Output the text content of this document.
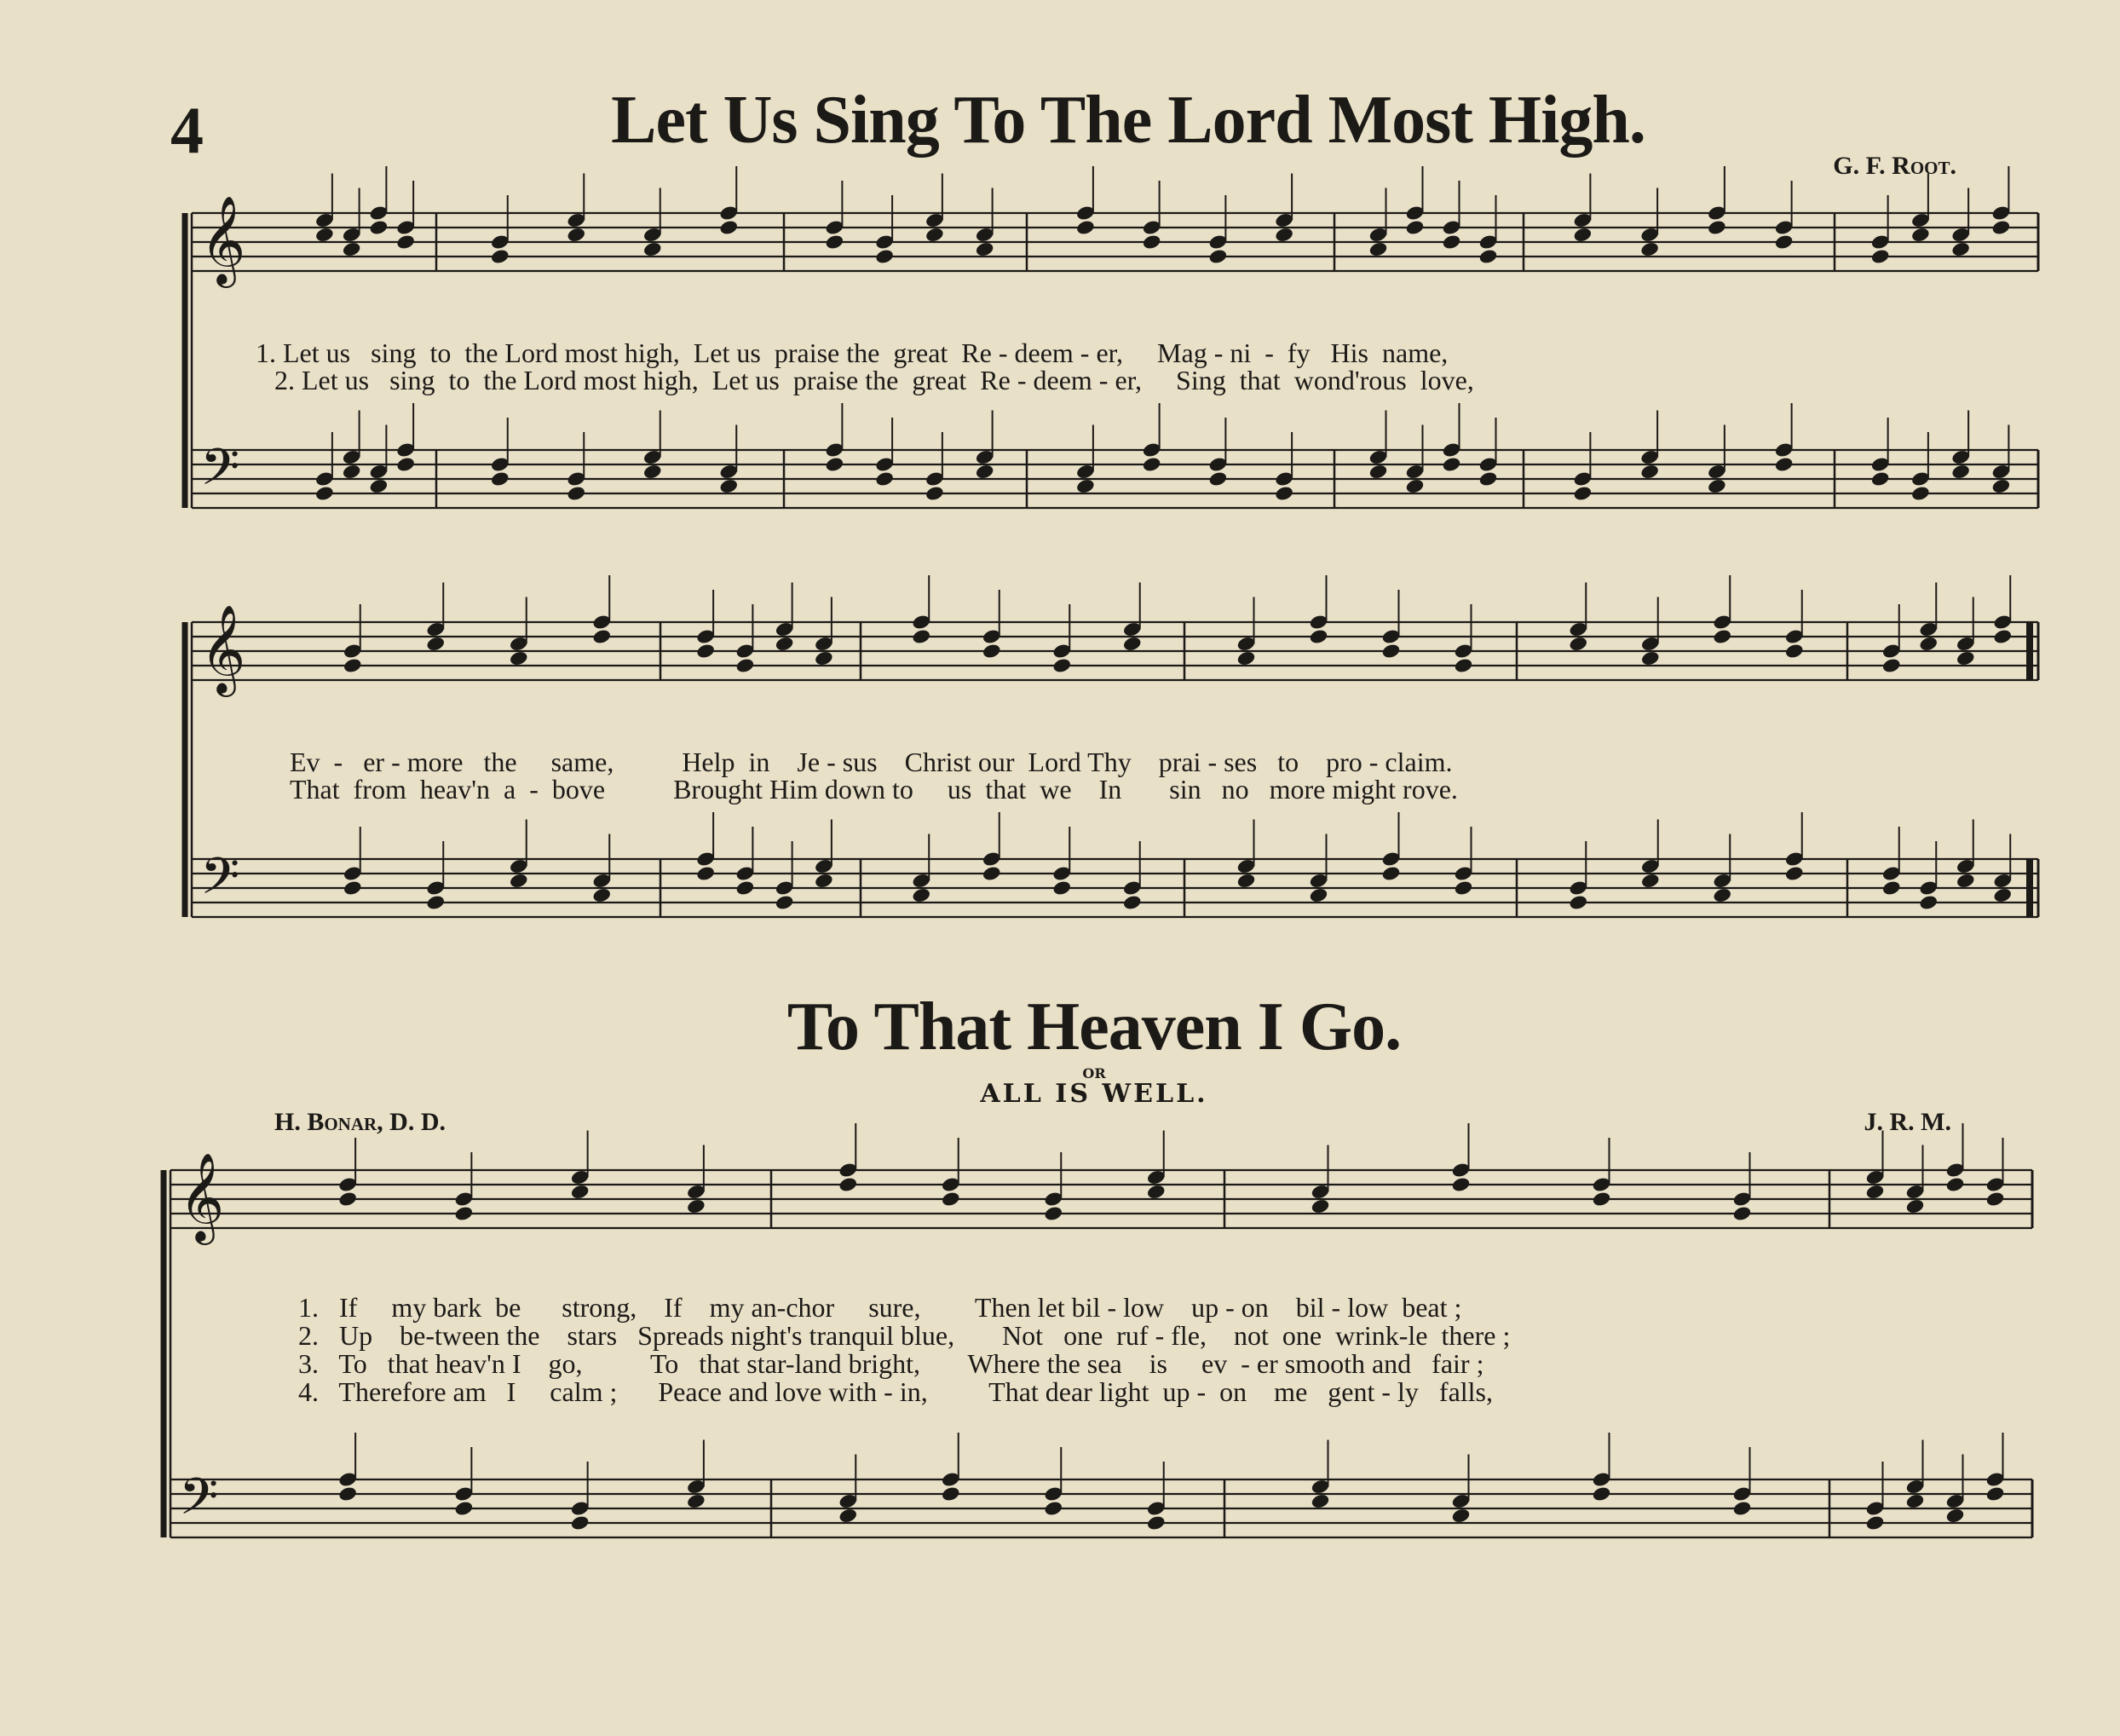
4	Let Us Sing To The Lord Most High.
G. F. Root.
To That Heaven I Go.
OR
ALL IS WELL.
H. Bonar, D. D.	J. R. M.
𝄞
𝄢
𝄞
𝄢
𝄞
𝄢
1. Let us   sing  to  the Lord most high,  Let us  praise the  great  Re - deem - er,     Mag - ni  -  fy   His  name,
2. Let us   sing  to  the Lord most high,  Let us  praise the  great  Re - deem - er,     Sing  that  wond'rous  love,
Ev  -   er - more   the     same,          Help  in    Je - sus    Christ our  Lord Thy    prai - ses   to    pro - claim.
That  from  heav'n  a  -  bove          Brought Him down to     us  that  we    In       sin   no   more might rove.
1.   If     my bark  be      strong,    If    my an-chor     sure,        Then let bil - low    up - on    bil - low  beat ;
2.   Up    be-tween the    stars   Spreads night's tranquil blue,       Not   one  ruf - fle,    not  one  wrink-le  there ;
3.   To   that heav'n I    go,          To   that star-land bright,       Where the sea    is     ev  - er smooth and   fair ;
4.   Therefore am   I     calm ;      Peace and love with - in,         That dear light  up -  on    me   gent - ly   falls,
